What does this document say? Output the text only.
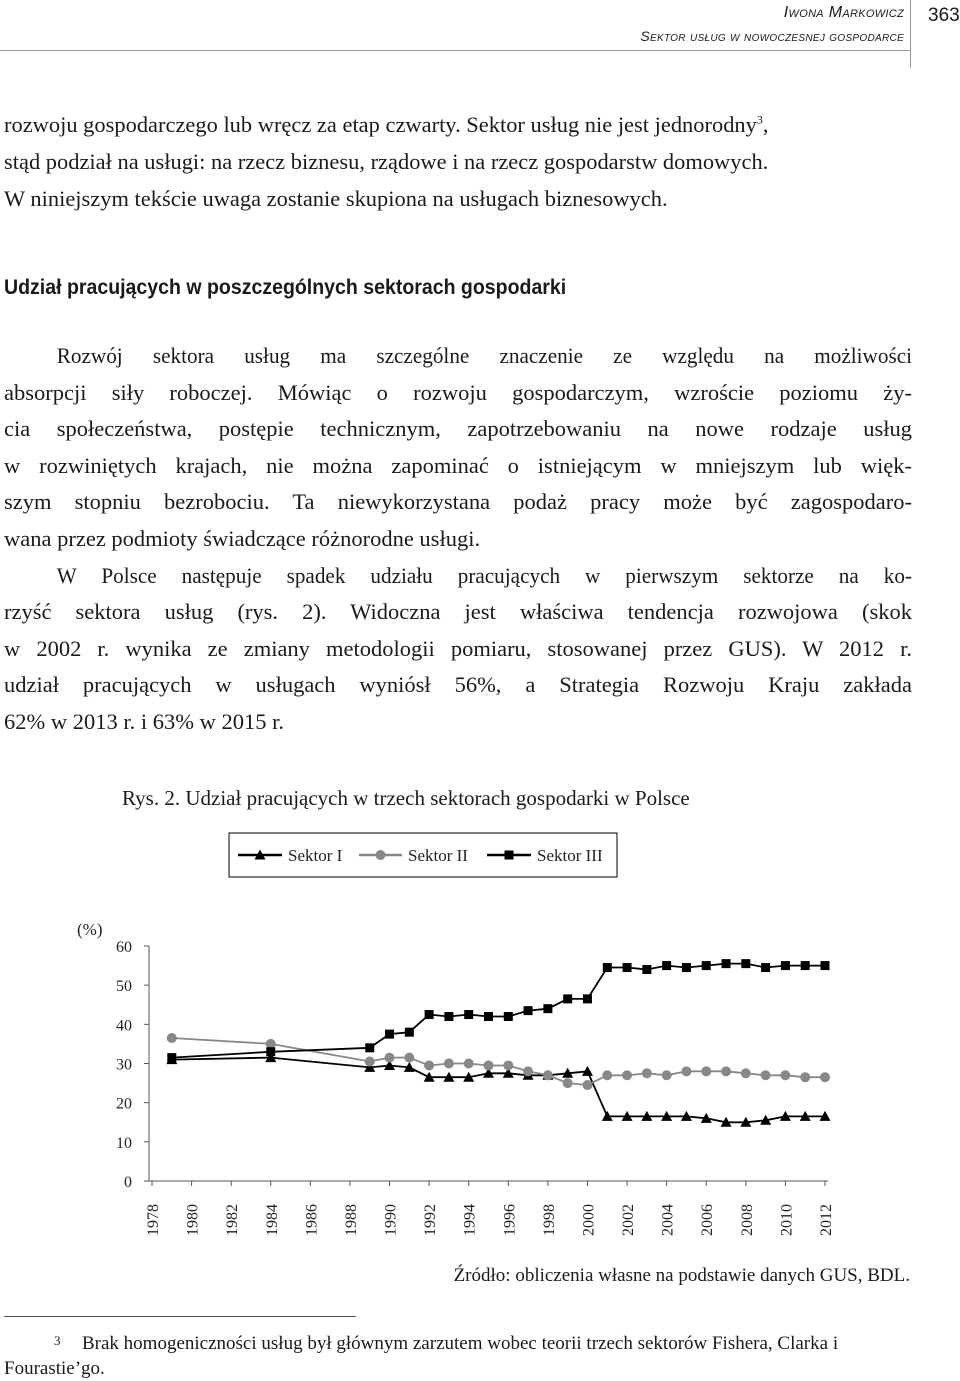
Iwona Markowicz
Sektor usług w nowoczesnej gospodarce
363
rozwoju gospodarczego lub wręcz za etap czwarty. Sektor usług nie jest jednorodny$^3$,
stąd podział na usługi: na rzecz biznesu, rządowe i na rzecz gospodarstw domowych.
W niniejszym tekście uwaga zostanie skupiona na usługach biznesowych.
Udział pracujących w poszczególnych sektorach gospodarki
Rozwój sektora usług ma szczególne znaczenie ze względu na możliwości
absorpcji siły roboczej. Mówiąc o rozwoju gospodarczym, wzroście poziomu ży-
cia społeczeństwa, postępie technicznym, zapotrzebowaniu na nowe rodzaje usług
w rozwiniętych krajach, nie można zapominać o istniejącym w mniejszym lub więk-
szym stopniu bezrobociu. Ta niewykorzystana podaż pracy może być zagospodaro-
wana przez podmioty świadczące różnorodne usługi.
W Polsce następuje spadek udziału pracujących w pierwszym sektorze na ko-
rzyść sektora usług (rys. 2). Widoczna jest właściwa tendencja rozwojowa (skok
w 2002 r. wynika ze zmiany metodologii pomiaru, stosowanej przez GUS). W 2012 r.
udział pracujących w usługach wyniósł 56%, a Strategia Rozwoju Kraju zakłada
62% w 2013 r. i 63% w 2015 r.
Rys. 2. Udział pracujących w trzech sektorach gospodarki w Polsce
Sektor I	Sektor II	Sektor III
0
10
20
30
40
50
60
(%)
1978 1980 1982 1984 1986 1988 1990 1992 1994 1996 1998 2000 2002 2004 2006 2008 2010 2012
Źródło: obliczenia własne na podstawie danych GUS, BDL.
3 Brak homogeniczności usług był głównym zarzutem wobec teorii trzech sektorów Fishera, Clarka i Fourastie’go.
